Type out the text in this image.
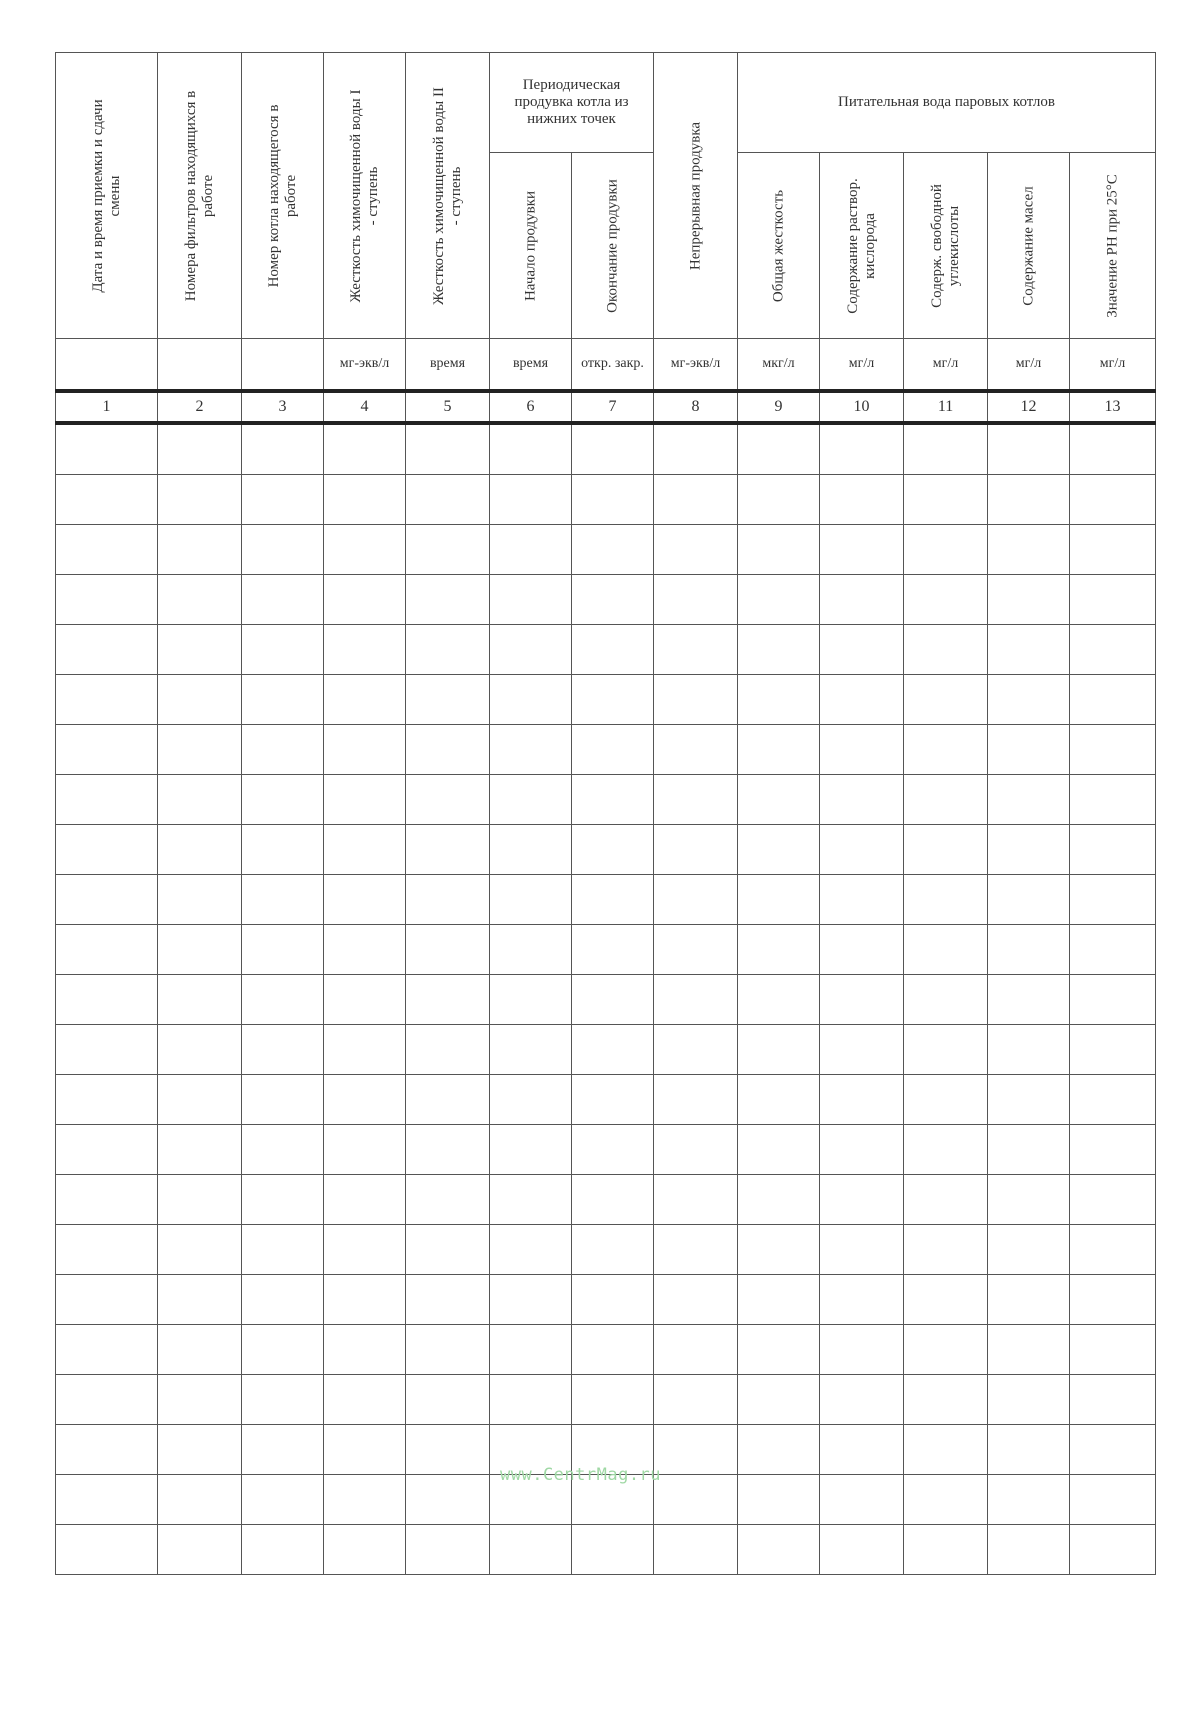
Дата и время приемки и сдачи смены	Номера фильтров находящихся в работе	Номер котла находящегося в работе	Жесткость химочищенной воды I - ступень	Жесткость химочищенной воды II - ступень	Периодическая продувка котла из нижних точек		Непрерывная продувка	Питательная вода паровых котлов				

					Начало продувки	Окончание продувки		Общая жесткость	Содержание раствор. кислорода	Содерж. свободной углекислоты	Содержание масел	Значение PH при 25°C

			мг-экв/л	время	время	откр. закр.	мг-экв/л	мкг/л	мг/л	мг/л	мг/л	мг/л
1	2	3	4	5	6	7	8	9	10	11	12	13

www.CentrMag.ru
